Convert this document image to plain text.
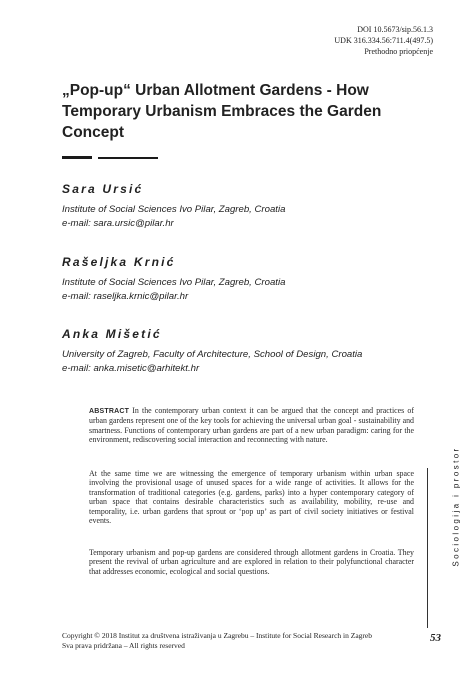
DOI 10.5673/sip.56.1.3
UDK 316.334.56:711.4(497.5)
Prethodno priopćenje
„Pop-up“ Urban Allotment Gardens - How Temporary Urbanism Embraces the Garden Concept
Sara Ursić
Institute of Social Sciences Ivo Pilar, Zagreb, Croatia
e-mail: sara.ursic@pilar.hr
Rašeljka Krnić
Institute of Social Sciences Ivo Pilar, Zagreb, Croatia
e-mail: raseljka.krnic@pilar.hr
Anka Mišetić
University of Zagreb, Faculty of Architecture, School of Design, Croatia
e-mail: anka.misetic@arhitekt.hr

ABSTRACT In the contemporary urban context it can be argued that the concept and practices of urban gardens represent one of the key tools for achieving the universal urban goal - sustainability and smartness. Functions of contemporary urban gardens are part of a new urban paradigm: caring for the environment, rediscovering social interaction and reconnecting with nature.

At the same time we are witnessing the emergence of temporary urbanism within urban space involving the provisional usage of unused spaces for a wide range of activities. It allows for the transformation of traditional categories (e.g. gardens, parks) into a hyper contemporary category of urban space that contains desirable characteristics such as availability, mobility, re-use and temporality, i.e. urban gardens that sprout or ‘pop up’ as part of civil society initiatives or festival events.

Temporary urbanism and pop-up gardens are considered through allotment gardens in Croatia. They present the revival of urban agriculture and are explored in relation to their polyfunctional character that addresses economic, ecological and social questions.

Sociologija i prostor
53
Copyright © 2018 Institut za društvena istraživanja u Zagrebu – Institute for Social Research in Zagreb
Sva prava pridržana – All rights reserved
